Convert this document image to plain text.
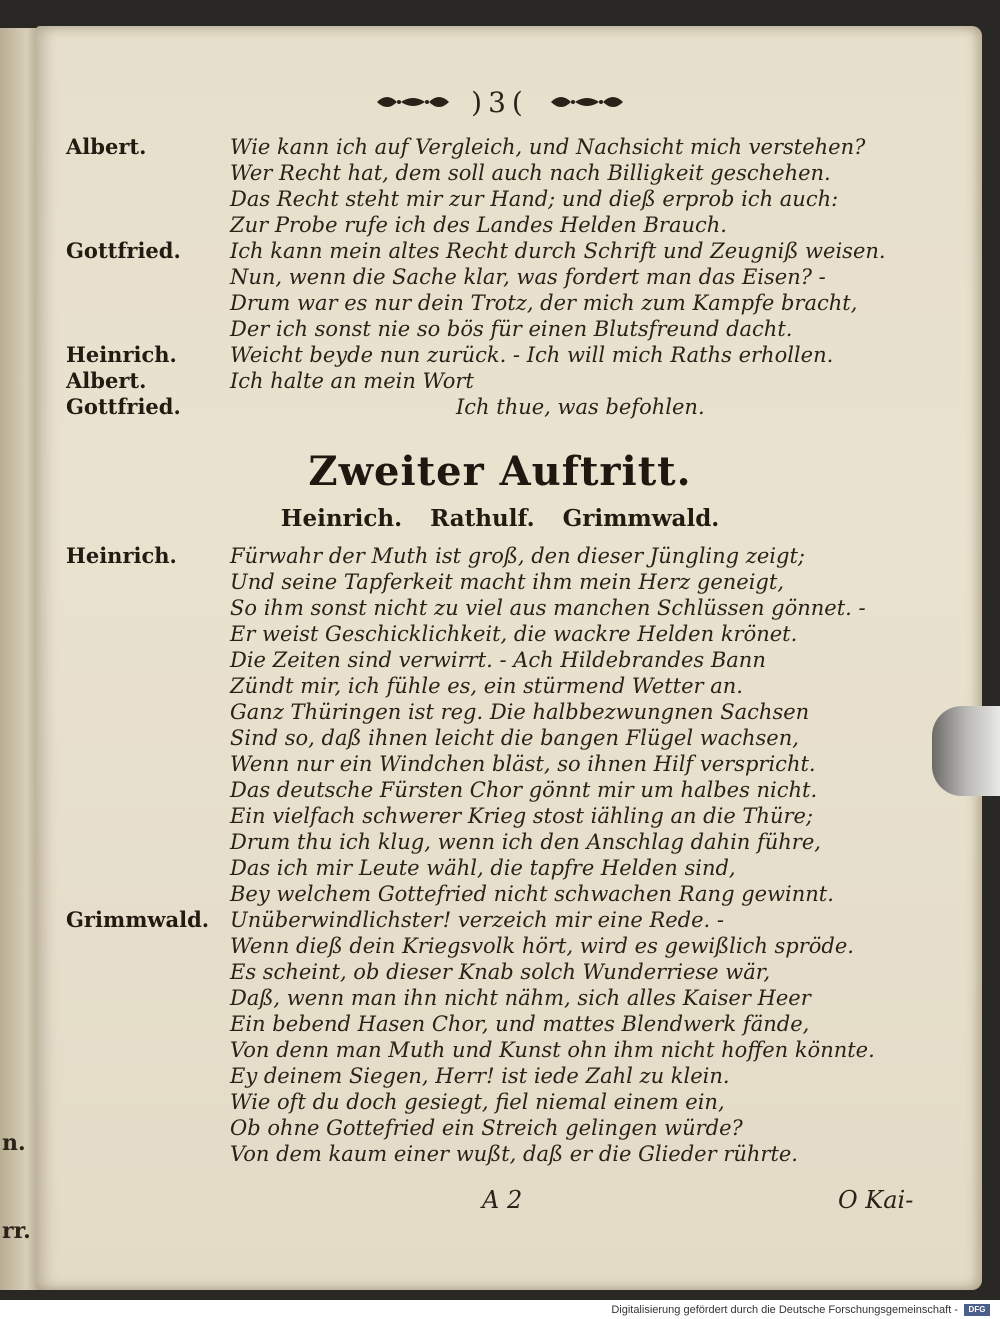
n.
rr.
)3(
Albert.	Wie kann ich auf Vergleich, und Nachsicht mich verstehen?
Wer Recht hat, dem soll auch nach Billigkeit geschehen.
Das Recht steht mir zur Hand; und dieß erprob ich auch:
Zur Probe rufe ich des Landes Helden Brauch.
Gottfried. Ich kann mein altes Recht durch Schrift und Zeugniß weisen.
Nun, wenn die Sache klar, was fordert man das Eisen? -
Drum war es nur dein Trotz, der mich zum Kampfe bracht,
Der ich sonst nie so bös für einen Blutsfreund dacht.
Heinrich.	Weicht beyde nun zurück. - Ich will mich Raths erhollen.
Albert.	Ich halte an mein Wort
Gottfried.	Ich thue, was befohlen.
Zweiter Auftritt.
Heinrich. Rathulf. Grimmwald.
Heinrich.	Fürwahr der Muth ist groß, den dieser Jüngling zeigt;
Und seine Tapferkeit macht ihm mein Herz geneigt,
So ihm sonst nicht zu viel aus manchen Schlüssen gönnet. -
Er weist Geschicklichkeit, die wackre Helden krönet.
Die Zeiten sind verwirrt. - Ach Hildebrandes Bann
Zündt mir, ich fühle es, ein stürmend Wetter an.
Ganz Thüringen ist reg. Die halbbezwungnen Sachsen
Sind so, daß ihnen leicht die bangen Flügel wachsen,
Wenn nur ein Windchen bläst, so ihnen Hilf verspricht.
Das deutsche Fürsten Chor gönnt mir um halbes nicht.
Ein vielfach schwerer Krieg stost iähling an die Thüre;
Drum thu ich klug, wenn ich den Anschlag dahin führe,
Das ich mir Leute wähl, die tapfre Helden sind,
Bey welchem Gottefried nicht schwachen Rang gewinnt.
Grimmwald. Unüberwindlichster! verzeich mir eine Rede. -
Wenn dieß dein Kriegsvolk hört, wird es gewißlich spröde.
Es scheint, ob dieser Knab solch Wunderriese wär,
Daß, wenn man ihn nicht nähm, sich alles Kaiser Heer
Ein bebend Hasen Chor, und mattes Blendwerk fände,
Von denn man Muth und Kunst ohn ihm nicht hoffen könnte.
Ey deinem Siegen, Herr! ist iede Zahl zu klein.
Wie oft du doch gesiegt, fiel niemal einem ein,
Ob ohne Gottefried ein Streich gelingen würde?
Von dem kaum einer wußt, daß er die Glieder rührte.
A 2	O Kai-
Digitalisierung gefördert durch die Deutsche Forschungsgemeinschaft -	DFG
